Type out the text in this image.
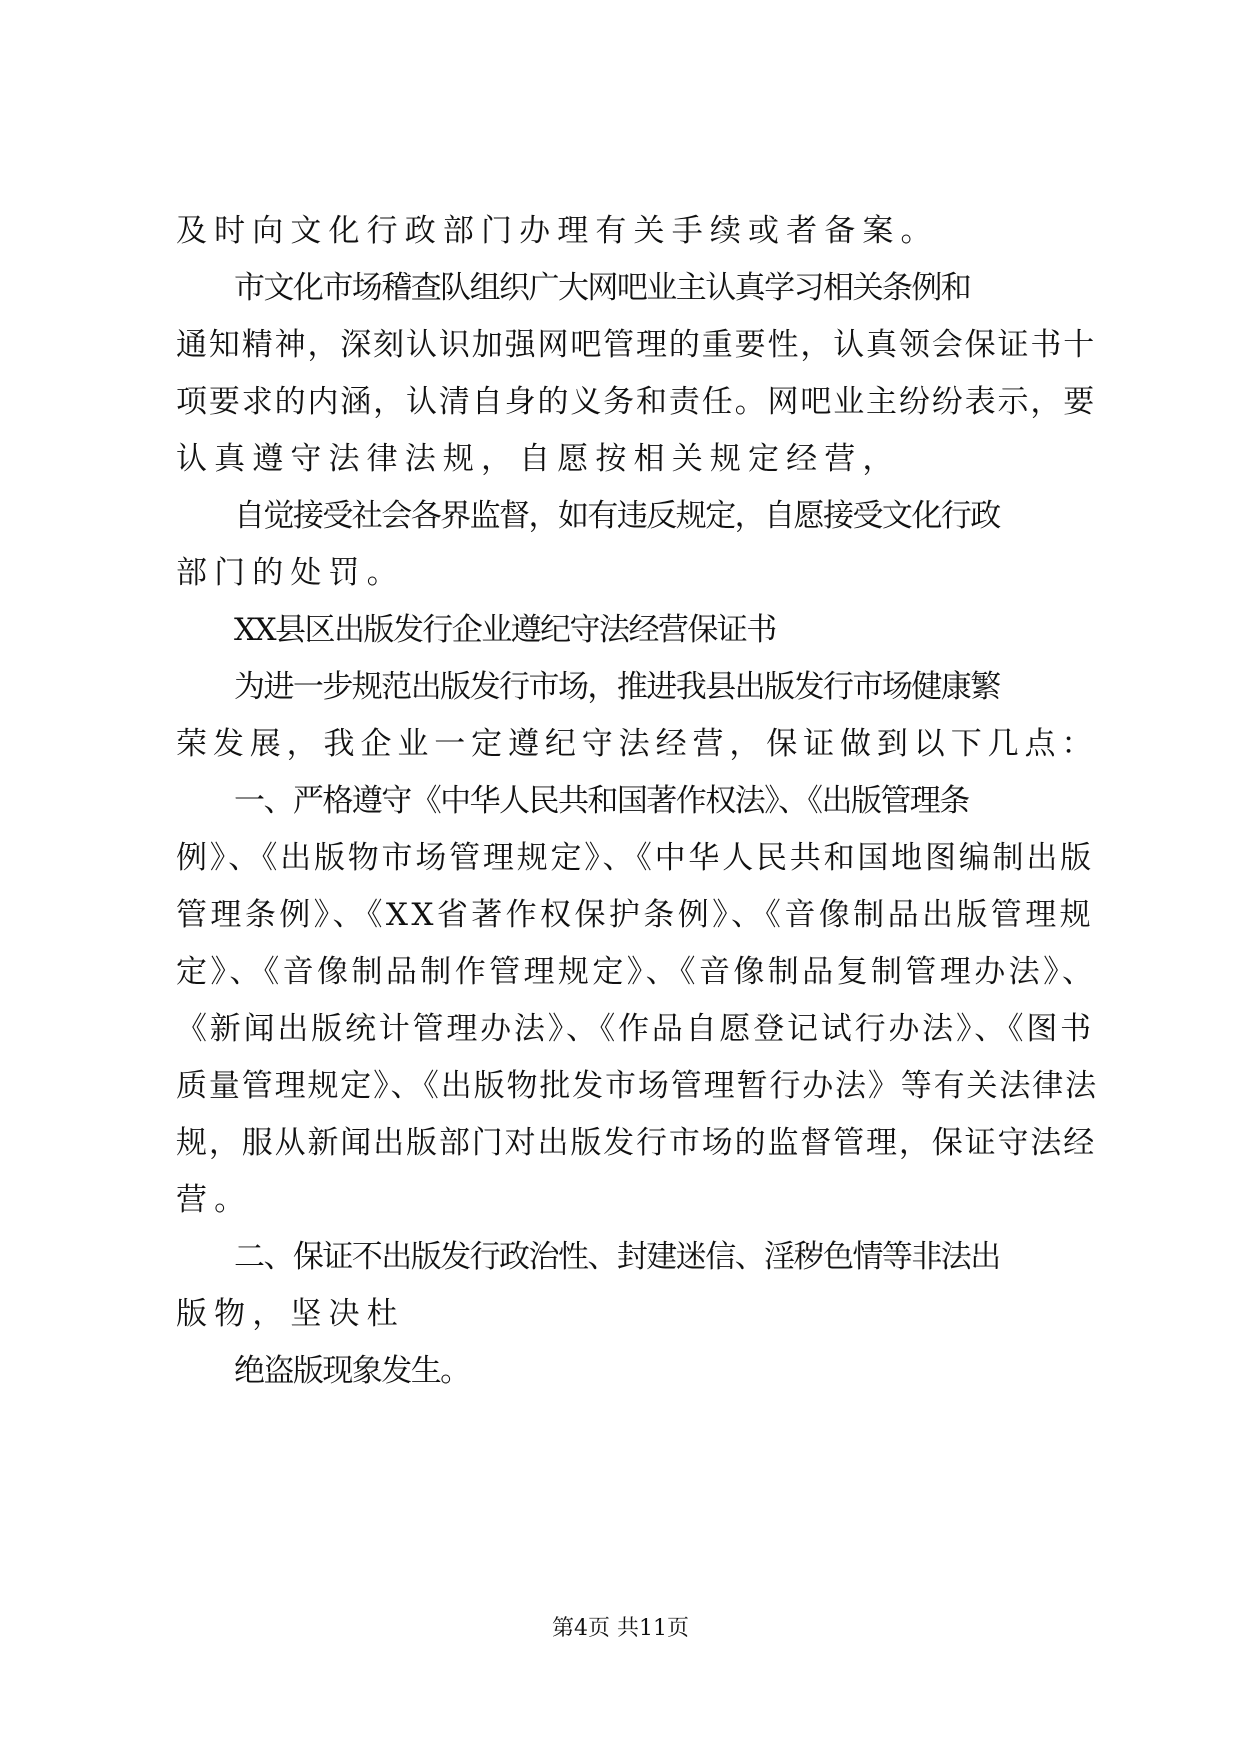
及时向文化行政部门办理有关手续或者备案。
市文化市场稽查队组织广大网吧业主认真学习相关条例和
通知精神，深刻认识加强网吧管理的重要性，认真领会保证书十
项要求的内涵，认清自身的义务和责任。网吧业主纷纷表示，要
认真遵守法律法规，自愿按相关规定经营，
自觉接受社会各界监督，如有违反规定，自愿接受文化行政
部门的处罚。
XX县区出版发行企业遵纪守法经营保证书
为进一步规范出版发行市场，推进我县出版发行市场健康繁
荣发展，我企业一定遵纪守法经营，保证做到以下几点：
一、严格遵守《中华人民共和国著作权法》、《出版管理条
例》、《出版物市场管理规定》、《中华人民共和国地图编制出版
管理条例》、《XX省著作权保护条例》、《音像制品出版管理规
定》、《音像制品制作管理规定》、《音像制品复制管理办法》、
《新闻出版统计管理办法》、《作品自愿登记试行办法》、《图书
质量管理规定》、《出版物批发市场管理暂行办法》等有关法律法
规，服从新闻出版部门对出版发行市场的监督管理，保证守法经
营。
二、保证不出版发行政治性、封建迷信、淫秽色情等非法出
版物，坚决杜
绝盗版现象发生。
第4页 共11页
